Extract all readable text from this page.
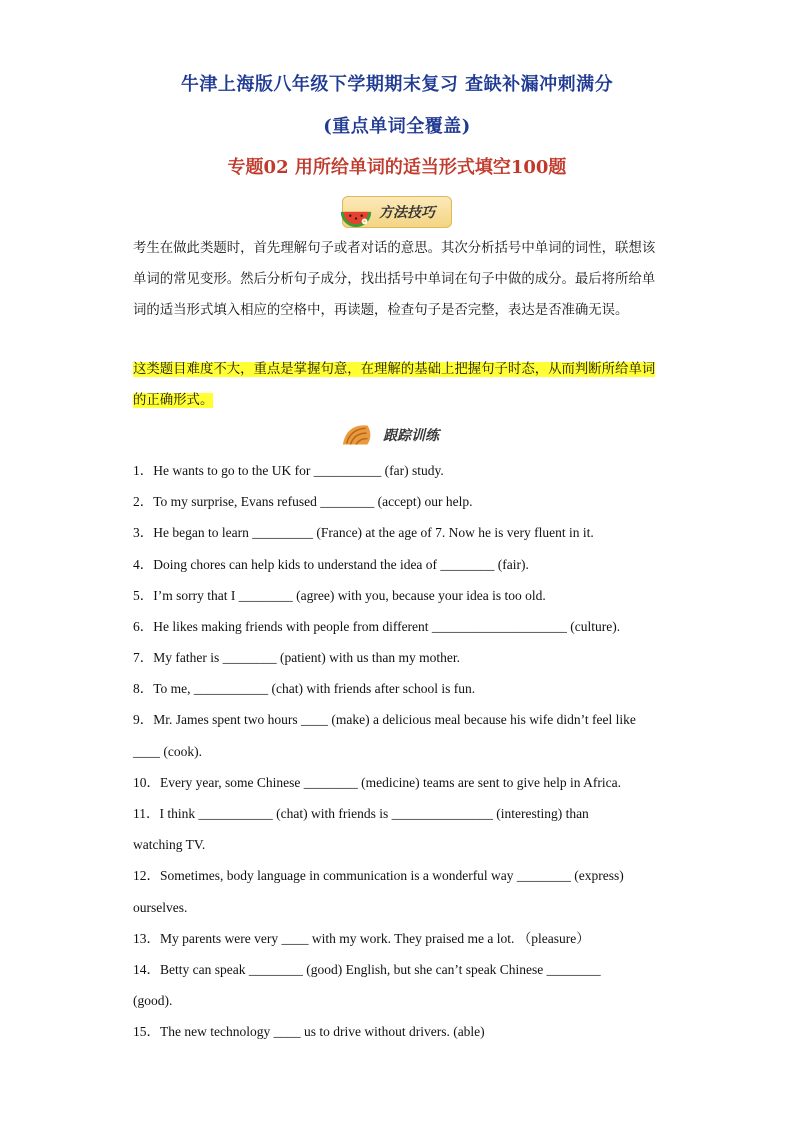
牛津上海版八年级下学期期末复习 查缺补漏冲刺满分
(重点单词全覆盖)
专题02 用所给单词的适当形式填空100题
方法技巧
考生在做此类题时，首先理解句子或者对话的意思。其次分析括号中单词的词性，联想该单词的常见变形。然后分析句子成分，找出括号中单词在句子中做的成分。最后将所给单词的适当形式填入相应的空格中，再读题，检查句子是否完整，表达是否准确无误。
这类题目难度不大，重点是掌握句意，在理解的基础上把握句子时态，从而判断所给单词的正确形式。
跟踪训练
1．He wants to go to the UK for __________ (far) study.
2．To my surprise, Evans refused ________ (accept) our help.
3．He began to learn _________ (France) at the age of 7. Now he is very fluent in it.
4．Doing chores can help kids to understand the idea of ________ (fair).
5．I’m sorry that I ________ (agree) with you, because your idea is too old.
6．He likes making friends with people from different ____________________ (culture).
7．My father is ________ (patient) with us than my mother.
8．To me, ___________ (chat) with friends after school is fun.
9．Mr. James spent two hours ____ (make) a delicious meal because his wife didn’t feel like
____ (cook).
10．Every year, some Chinese ________ (medicine) teams are sent to give help in Africa.
11．I think ___________ (chat) with friends is _______________ (interesting) than
watching TV.
12．Sometimes, body language in communication is a wonderful way ________ (express)
ourselves.
13．My parents were very ____ with my work. They praised me a lot. （pleasure）
14．Betty can speak ________ (good) English, but she can’t speak Chinese ________
(good).
15．The new technology ____ us to drive without drivers. (able)
